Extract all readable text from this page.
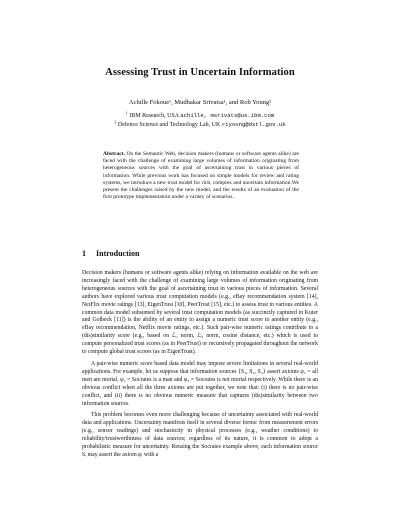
Assessing Trust in Uncertain Information
Achille Fokoue¹, Mudhakar Srivatsa¹, and Rob Young²
$^1$ IBM Research, USA achille, msrivats@us.ibm.com
$^2$ Defence Science and Technology Lab, UK riyoung@dstl.gov.uk
Abstract. On the Semantic Web, decision makers (humans or software agents alike) are faced with the challenge of examining large volumes of information originating from heterogeneous sources with the goal of ascertaining trust in various pieces of information. While previous work has focused on simple models for review and rating systems, we introduce a new trust model for rich, complex and uncertain information.We present the challenges raised by the new model, and the results of an evaluation of the first prototype implementation under a variety of scenarios.
1 Introduction

Decision makers (humans or software agents alike) relying on information available on the web are increasingly faced with the challenge of examining large volumes of information originating from heterogeneous sources with the goal of ascertaining trust in various pieces of information. Several authors have explored various trust computation models (e.g., eBay recommendation system [14], NetFlix movie ratings [13], EigenTrust [10], PeerTrust [15], etc.) to assess trust in various entities. A common data model subsumed by several trust computation models (as succinctly captured in Kuter and Golbeck [11]) is the ability of an entity to assign a numeric trust score to another entity (e.g., eBay recommendation, Netflix movie ratings, etc.). Such pair-wise numeric ratings contribute to a (dis)similarity score (e.g., based on ℒ₁ norm, ℒ₂ norm, cosine distance, etc.) which is used to compute personalized trust scores (as in PeerTrust) or recursively propagated throughout the network to compute global trust scores (as in EigenTrust).

A pair-wise numeric score based data model may impose severe limitations in several real-world applications. For example, let us suppose that information sources {S₁, S₂, S₃} assert axioms φ₁ = all men are mortal, φ₂ = Socrates is a man and φ₃ = Socrates is not mortal respectively. While there is an obvious conflict when all the three axioms are put together, we note that: (i) there is no pair-wise conflict, and (ii) there is no obvious numeric measure that captures (dis)similarity between two information sources.

This problem becomes even more challenging because of uncertainty associated with real-world data and applications. Uncertainty manifests itself in several diverse forms: from measurement errors (e.g., sensor readings) and stochasticity in physical processes (e.g., weather conditions) to reliability/trustworthiness of data sources; regardless of its nature, it is common to adopt a probabilistic measure for uncertainty. Reusing the Socrates example above, each information source Sᵢ may assert the axiom φᵢ with a
